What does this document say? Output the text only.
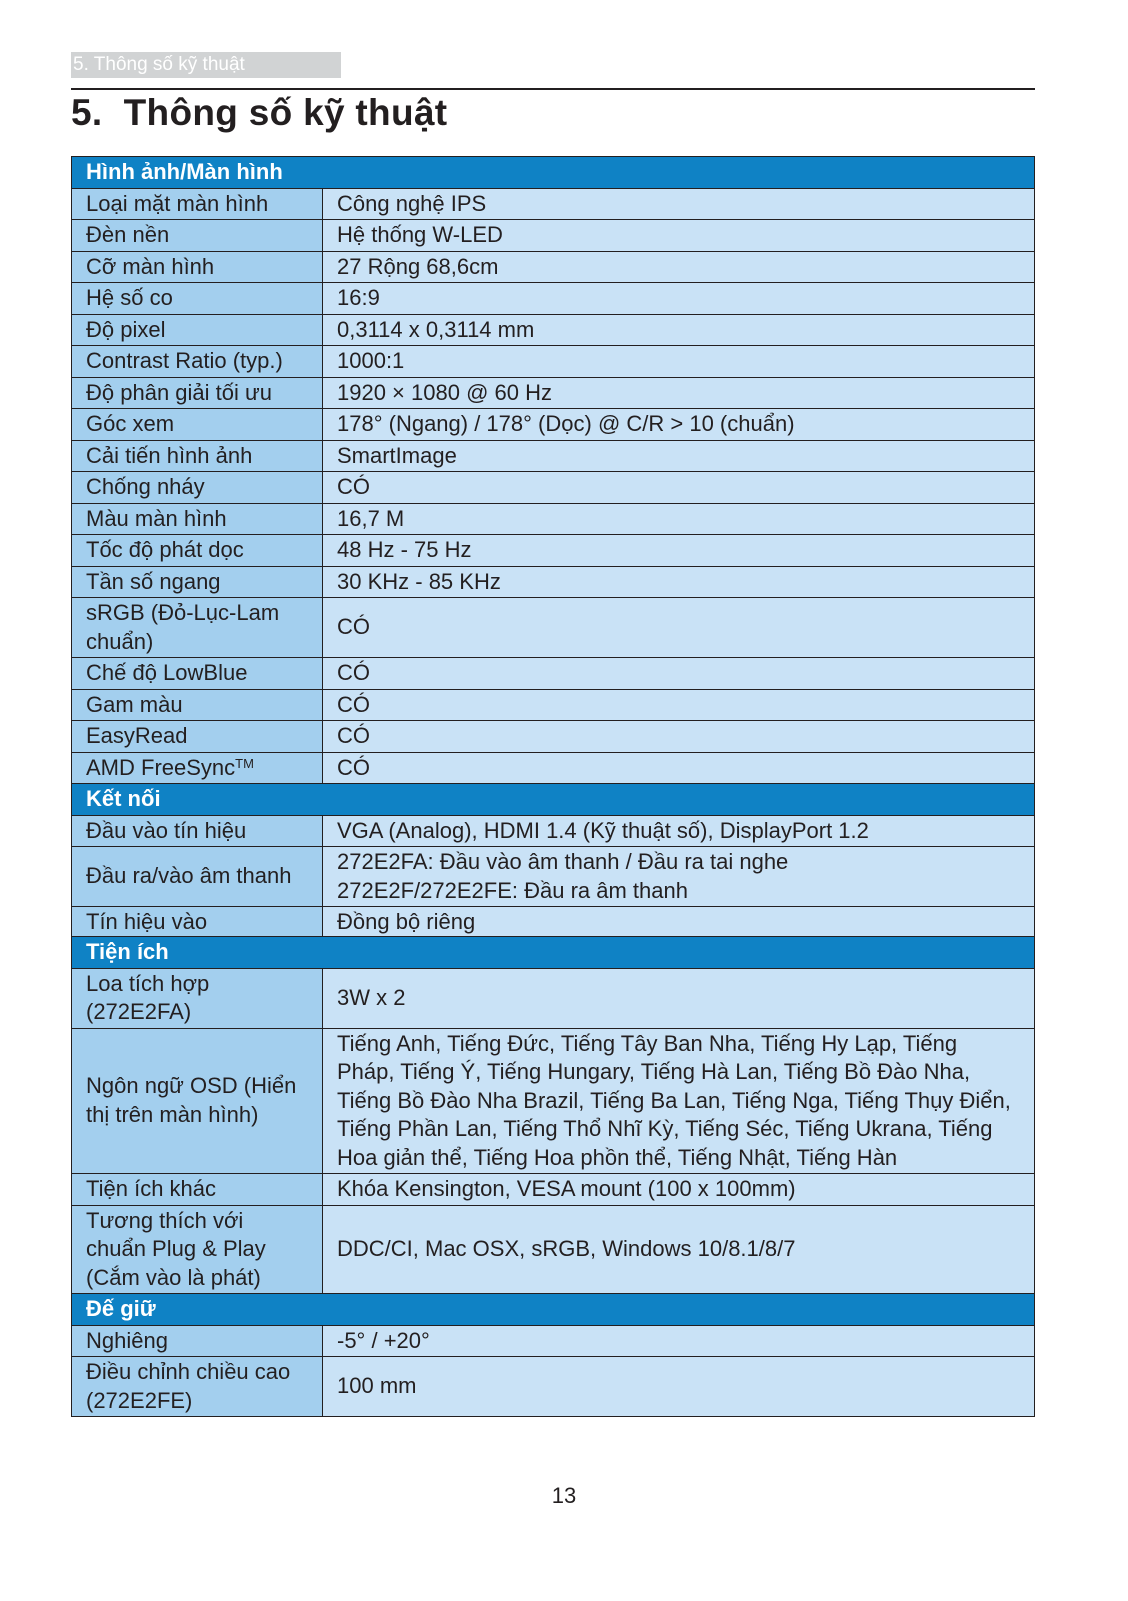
5. Thông số kỹ thuật
5. Thông số kỹ thuật
Hình ảnh/Màn hình	
Loại mặt màn hình	Công nghệ IPS
Đèn nền	Hệ thống W-LED
Cỡ màn hình	27 Rộng 68,6cm
Hệ số co	16:9
Độ pixel	0,3114 x 0,3114 mm
Contrast Ratio (typ.)	1000:1
Độ phân giải tối ưu	1920 × 1080 @ 60 Hz
Góc xem	178° (Ngang) / 178° (Dọc) @ C/R > 10 (chuẩn)
Cải tiến hình ảnh	SmartImage
Chống nháy	CÓ
Màu màn hình	16,7 M
Tốc độ phát dọc	48 Hz - 75 Hz
Tần số ngang	30 KHz - 85 KHz
sRGB (Đỏ-Lục-Lam chuẩn)	CÓ
Chế độ LowBlue	CÓ
Gam màu	CÓ
EasyRead	CÓ
AMD FreeSync™	CÓ
Kết nối	
Đầu vào tín hiệu	VGA (Analog), HDMI 1.4 (Kỹ thuật số), DisplayPort 1.2
Đầu ra/vào âm thanh	272E2FA: Đầu vào âm thanh / Đầu ra tai nghe
272E2F/272E2FE: Đầu ra âm thanh
Tín hiệu vào	Đồng bộ riêng
Tiện ích	
Loa tích hợp (272E2FA)	3W x 2
Ngôn ngữ OSD (Hiển thị trên màn hình)	Tiếng Anh, Tiếng Đức, Tiếng Tây Ban Nha, Tiếng Hy Lạp, Tiếng Pháp, Tiếng Ý, Tiếng Hungary, Tiếng Hà Lan, Tiếng Bồ Đào Nha, Tiếng Bồ Đào Nha Brazil, Tiếng Ba Lan, Tiếng Nga, Tiếng Thụy Điển, Tiếng Phần Lan, Tiếng Thổ Nhĩ Kỳ, Tiếng Séc, Tiếng Ukrana, Tiếng Hoa giản thể, Tiếng Hoa phồn thể, Tiếng Nhật, Tiếng Hàn
Tiện ích khác	Khóa Kensington, VESA mount (100 x 100mm)
Tương thích với chuẩn Plug & Play (Cắm vào là phát)	DDC/CI, Mac OSX, sRGB, Windows 10/8.1/8/7
Đế giữ	
Nghiêng	-5° / +20°
Điều chỉnh chiều cao (272E2FE)	100 mm
13
